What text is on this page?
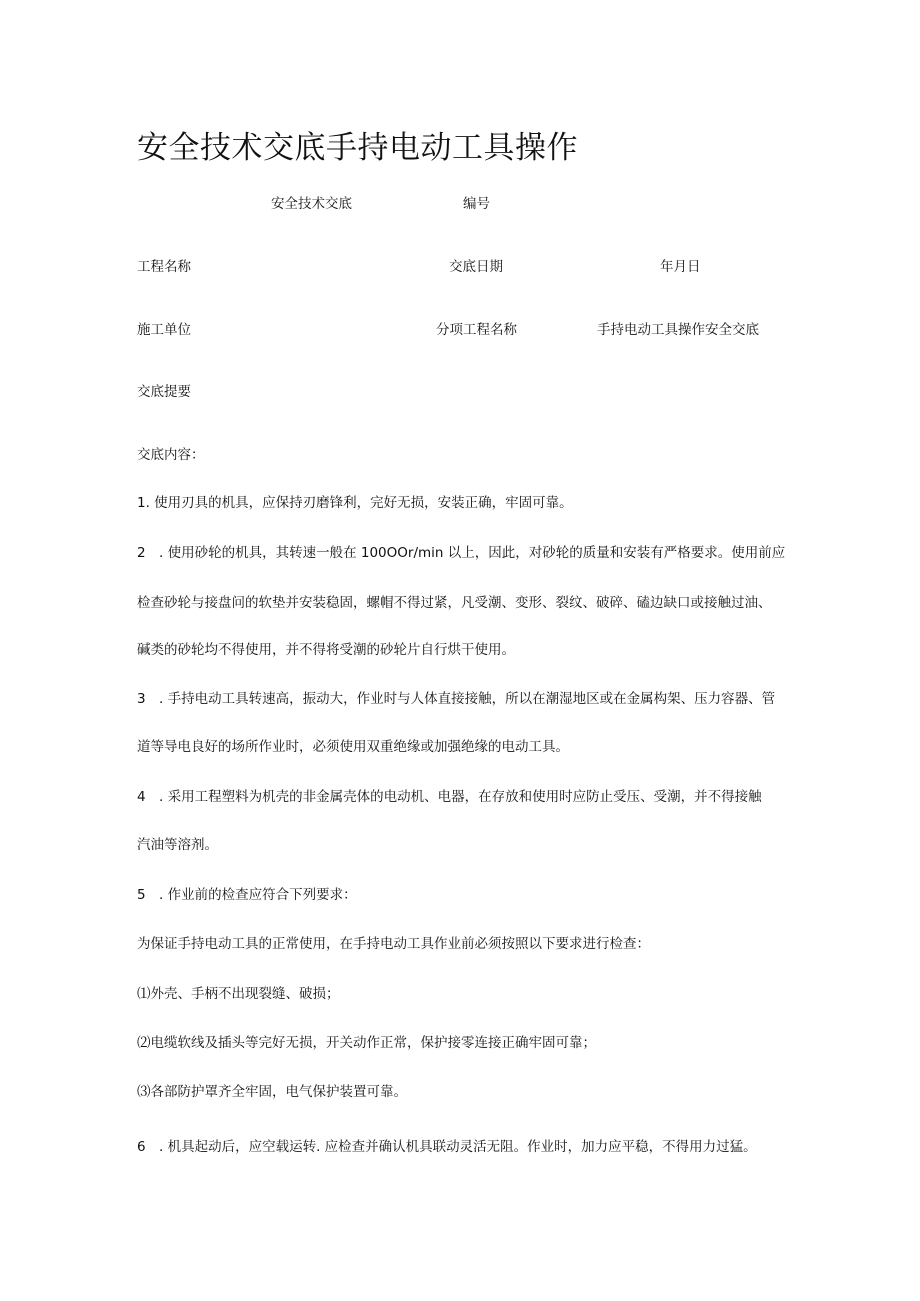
安全技术交底手持电动工具操作
安全技术交底	编号
工程名称	交底日期	年月日
施工单位	分项工程名称	手持电动工具操作安全交底
交底提要
交底内容：
1. 使用刃具的机具，应保持刃磨锋利，完好无损，安装正确，牢固可靠。
2 . 使用砂轮的机具，其转速一般在 100OOr/min 以上，因此，对砂轮的质量和安装有严格要求。使用前应
检查砂轮与接盘问的软垫并安装稳固，螺帽不得过紧，凡受潮、变形、裂纹、破碎、磕边缺口或接触过油、
碱类的砂轮均不得使用，并不得将受潮的砂轮片自行烘干使用。
3 . 手持电动工具转速高，振动大，作业时与人体直接接触，所以在潮湿地区或在金属构架、压力容器、管
道等导电良好的场所作业时，必须使用双重绝缘或加强绝缘的电动工具。
4 . 采用工程塑料为机壳的非金属壳体的电动机、电器，在存放和使用时应防止受压、受潮，并不得接触
汽油等溶剂。
5 . 作业前的检查应符合下列要求：
为保证手持电动工具的正常使用，在手持电动工具作业前必须按照以下要求进行检查：
⑴外壳、手柄不出现裂缝、破损；
⑵电缆软线及插头等完好无损，开关动作正常，保护接零连接正确牢固可靠；
⑶各部防护罩齐全牢固，电气保护装置可靠。
6 . 机具起动后，应空载运转. 应检查并确认机具联动灵活无阻。作业时，加力应平稳，不得用力过猛。
